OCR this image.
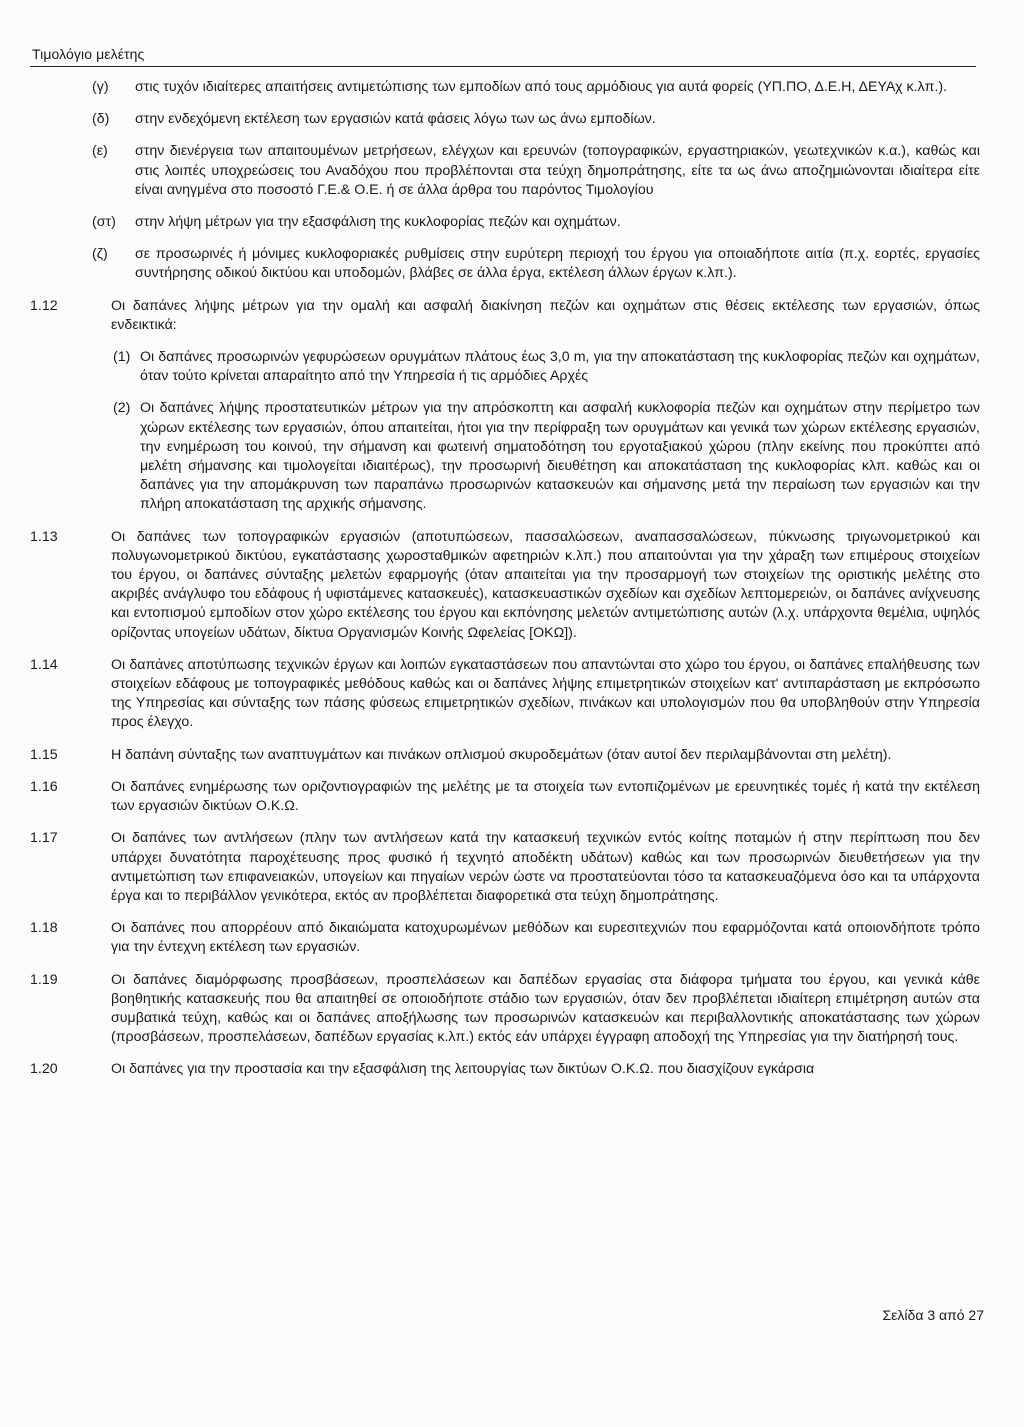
Τιμολόγιο μελέτης
(γ) στις τυχόν ιδιαίτερες απαιτήσεις αντιμετώπισης των εμποδίων από τους αρμόδιους για αυτά φορείς (ΥΠ.ΠΟ, Δ.Ε.Η, ΔΕΥΑχ κ.λπ.).
(δ) στην ενδεχόμενη εκτέλεση των εργασιών κατά φάσεις λόγω των ως άνω εμποδίων.
(ε) στην διενέργεια των απαιτουμένων μετρήσεων, ελέγχων και ερευνών (τοπογραφικών, εργαστηριακών, γεωτεχνικών κ.α.), καθώς και στις λοιπές υποχρεώσεις του Αναδόχου που προβλέπονται στα τεύχη δημοπράτησης, είτε τα ως άνω αποζημιώνονται ιδιαίτερα είτε είναι ανηγμένα στο ποσοστό Γ.Ε.& Ο.Ε. ή σε άλλα άρθρα του παρόντος Τιμολογίου
(στ) στην λήψη μέτρων για την εξασφάλιση της κυκλοφορίας πεζών και οχημάτων.
(ζ) σε προσωρινές ή μόνιμες κυκλοφοριακές ρυθμίσεις στην ευρύτερη περιοχή του έργου για οποιαδήποτε αιτία (π.χ. εορτές, εργασίες συντήρησης οδικού δικτύου και υποδομών, βλάβες σε άλλα έργα, εκτέλεση άλλων έργων κ.λπ.).
1.12	Οι δαπάνες λήψης μέτρων για την ομαλή και ασφαλή διακίνηση πεζών και οχημάτων στις θέσεις εκτέλεσης των εργασιών, όπως ενδεικτικά:
(1) Οι δαπάνες προσωρινών γεφυρώσεων ορυγμάτων πλάτους έως 3,0 m, για την αποκατάσταση της κυκλοφορίας πεζών και οχημάτων, όταν τούτο κρίνεται απαραίτητο από την Υπηρεσία ή τις αρμόδιες Αρχές
(2) Οι δαπάνες λήψης προστατευτικών μέτρων για την απρόσκοπτη και ασφαλή κυκλοφορία πεζών και οχημάτων στην περίμετρο των χώρων εκτέλεσης των εργασιών, όπου απαιτείται, ήτοι για την περίφραξη των ορυγμάτων και γενικά των χώρων εκτέλεσης εργασιών, την ενημέρωση του κοινού, την σήμανση και φωτεινή σηματοδότηση του εργοταξιακού χώρου (πλην εκείνης που προκύπτει από μελέτη σήμανσης και τιμολογείται ιδιαιτέρως), την προσωρινή διευθέτηση και αποκατάσταση της κυκλοφορίας κλπ. καθώς και οι δαπάνες για την απομάκρυνση των παραπάνω προσωρινών κατασκευών και σήμανσης μετά την περαίωση των εργασιών και την πλήρη αποκατάσταση της αρχικής σήμανσης.
1.13	Οι δαπάνες των τοπογραφικών εργασιών (αποτυπώσεων, πασσαλώσεων, αναπασσαλώσεων, πύκνωσης τριγωνομετρικού και πολυγωνομετρικού δικτύου, εγκατάστασης χωροσταθμικών αφετηριών κ.λπ.) που απαιτούνται για την χάραξη των επιμέρους στοιχείων του έργου, οι δαπάνες σύνταξης μελετών εφαρμογής (όταν απαιτείται για την προσαρμογή των στοιχείων της οριστικής μελέτης στο ακριβές ανάγλυφο του εδάφους ή υφιστάμενες κατασκευές), κατασκευαστικών σχεδίων και σχεδίων λεπτομερειών, οι δαπάνες ανίχνευσης και εντοπισμού εμποδίων στον χώρο εκτέλεσης του έργου και εκπόνησης μελετών αντιμετώπισης αυτών (λ.χ. υπάρχοντα θεμέλια, υψηλός ορίζοντας υπογείων υδάτων, δίκτυα Οργανισμών Κοινής Ωφελείας [ΟΚΩ]).
1.14	Οι δαπάνες αποτύπωσης τεχνικών έργων και λοιπών εγκαταστάσεων που απαντώνται στο χώρο του έργου, οι δαπάνες επαλήθευσης των στοιχείων εδάφους με τοπογραφικές μεθόδους καθώς και οι δαπάνες λήψης επιμετρητικών στοιχείων κατ' αντιπαράσταση με εκπρόσωπο της Υπηρεσίας και σύνταξης των πάσης φύσεως επιμετρητικών σχεδίων, πινάκων και υπολογισμών που θα υποβληθούν στην Υπηρεσία προς έλεγχο.
1.15	Η δαπάνη σύνταξης των αναπτυγμάτων και πινάκων οπλισμού σκυροδεμάτων (όταν αυτοί δεν περιλαμβάνονται στη μελέτη).
1.16	Οι δαπάνες ενημέρωσης των οριζοντιογραφιών της μελέτης με τα στοιχεία των εντοπιζομένων με ερευνητικές τομές ή κατά την εκτέλεση των εργασιών δικτύων Ο.Κ.Ω.
1.17	Οι δαπάνες των αντλήσεων (πλην των αντλήσεων κατά την κατασκευή τεχνικών εντός κοίτης ποταμών ή στην περίπτωση που δεν υπάρχει δυνατότητα παροχέτευσης προς φυσικό ή τεχνητό αποδέκτη υδάτων) καθώς και των προσωρινών διευθετήσεων για την αντιμετώπιση των επιφανειακών, υπογείων και πηγαίων νερών ώστε να προστατεύονται τόσο τα κατασκευαζόμενα όσο και τα υπάρχοντα έργα και το περιβάλλον γενικότερα, εκτός αν προβλέπεται διαφορετικά στα τεύχη δημοπράτησης.
1.18	Οι δαπάνες που απορρέουν από δικαιώματα κατοχυρωμένων μεθόδων και ευρεσιτεχνιών που εφαρμόζονται κατά οποιονδήποτε τρόπο για την έντεχνη εκτέλεση των εργασιών.
1.19	Οι δαπάνες διαμόρφωσης προσβάσεων, προσπελάσεων και δαπέδων εργασίας στα διάφορα τμήματα του έργου, και γενικά κάθε βοηθητικής κατασκευής που θα απαιτηθεί σε οποιοδήποτε στάδιο των εργασιών, όταν δεν προβλέπεται ιδιαίτερη επιμέτρηση αυτών στα συμβατικά τεύχη, καθώς και οι δαπάνες αποξήλωσης των προσωρινών κατασκευών και περιβαλλοντικής αποκατάστασης των χώρων (προσβάσεων, προσπελάσεων, δαπέδων εργασίας κ.λπ.) εκτός εάν υπάρχει έγγραφη αποδοχή της Υπηρεσίας για την διατήρησή τους.
1.20	Οι δαπάνες για την προστασία και την εξασφάλιση της λειτουργίας των δικτύων Ο.Κ.Ω. που διασχίζουν εγκάρσια
Σελίδα 3 από 27
